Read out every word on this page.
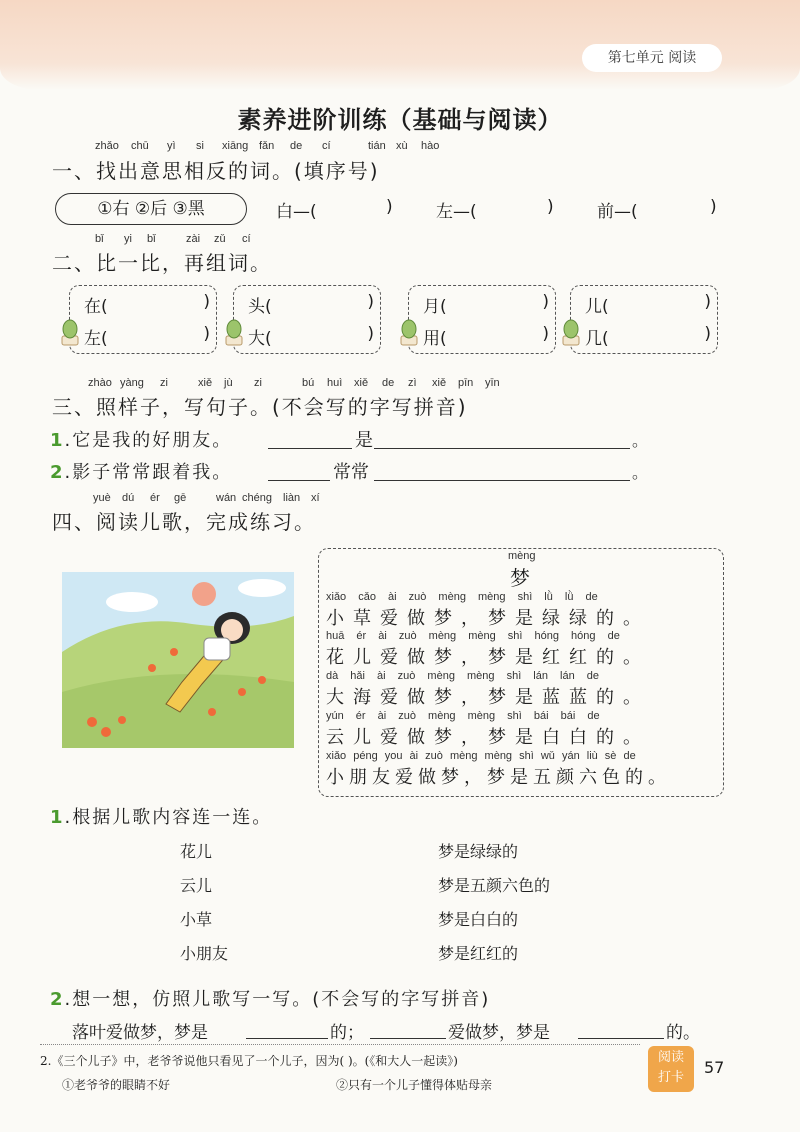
第七单元 阅读
素养进阶训练（基础与阅读）
zhǎo chū yì si xiāng fǎn de cí	tián xù hào
一、找出意思相反的词。(填序号)
①右 ②后 ③黑	白—(	)	左—(	)	前—(	)
bǐ yi bǐ	zài zǔ cí
二、比一比，再组词。
在(	)
左(	)
头(	)
大(	)
月(	)
用(	)
儿(	)
几(	)
zhào yàng zi	xiě jù zi	bú huì xiě de zì xiě pīn yīn
三、照样子，写句子。(不会写的字写拼音)
1.它是我的好朋友。	是	。
2.影子常常跟着我。	常常	。
yuè dú ér gē	wán chéng liàn xí
四、阅读儿歌，完成练习。
mèng
梦
xiǎo cǎo ài zuò mèng mèng shì lǜ lǜ de
小草爱做梦，梦是绿绿的。
huā ér ài zuò mèng mèng shì hóng hóng de
花儿爱做梦，梦是红红的。
dà hǎi ài zuò mèng mèng shì lán lán de
大海爱做梦，梦是蓝蓝的。
yún ér ài zuò mèng mèng shì bái bái de
云儿爱做梦，梦是白白的。
xiǎo péng you ài zuò mèng mèng shì wǔ yán liù sè de
小朋友爱做梦，梦是五颜六色的。
1.根据儿歌内容连一连。
花儿
云儿
小草
小朋友
梦是绿绿的
梦是五颜六色的
梦是白白的
梦是红红的
2.想一想，仿照儿歌写一写。(不会写的字写拼音)
落叶爱做梦，梦是	的；	爱做梦，梦是	的。
2.《三个儿子》中，老爷爷说他只看见了一个儿子，因为( )。(《和大人一起读》)
①老爷爷的眼睛不好	②只有一个儿子懂得体贴母亲
阅读
打卡
57
